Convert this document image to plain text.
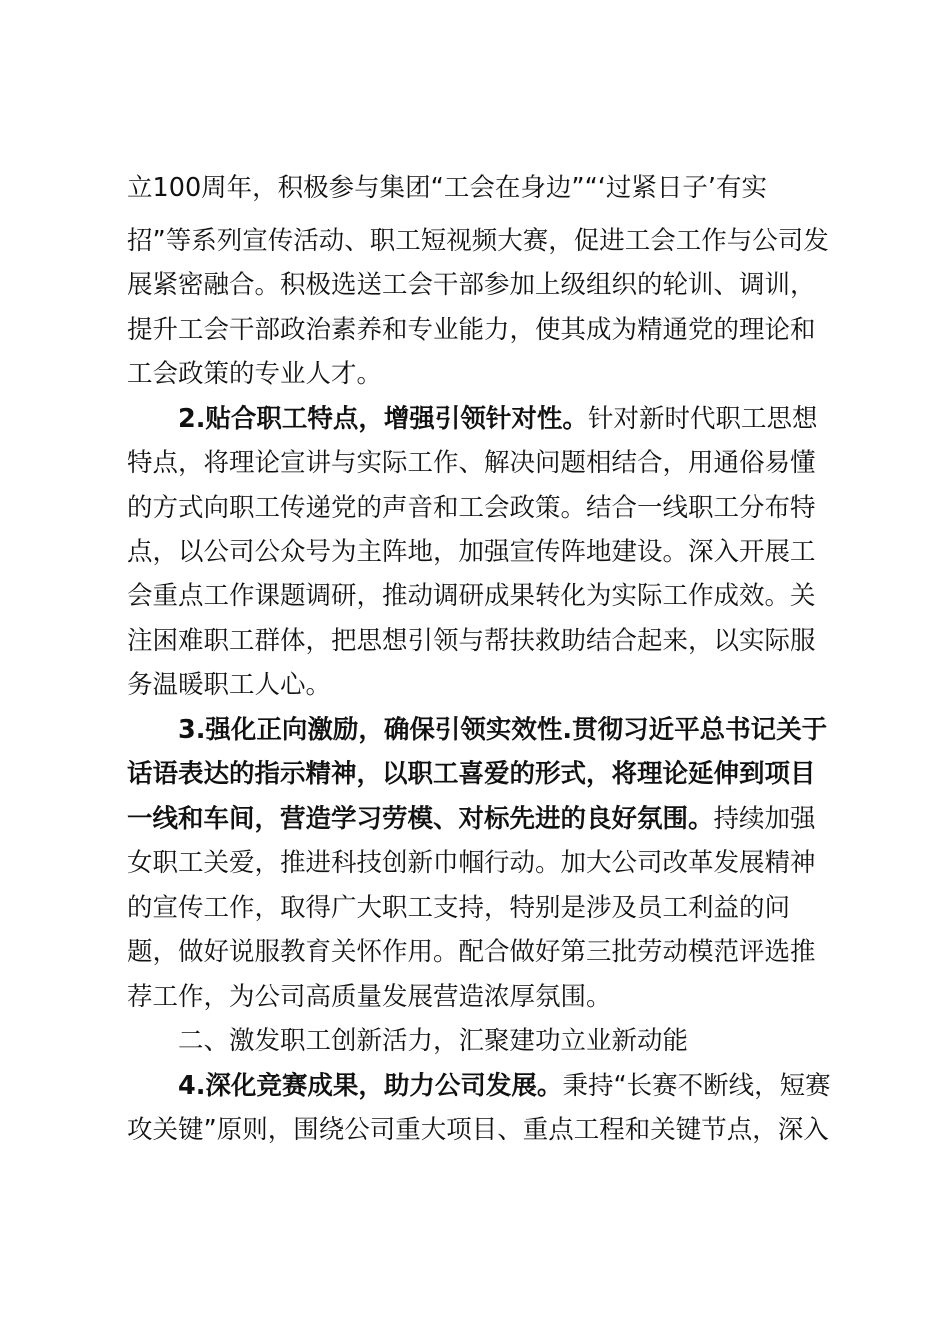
立100周年，积极参与集团“工会在身边”“‘过紧日子’有实
招”等系列宣传活动、职工短视频大赛，促进工会工作与公司发
展紧密融合。积极选送工会干部参加上级组织的轮训、调训，
提升工会干部政治素养和专业能力，使其成为精通党的理论和
工会政策的专业人才。
2.贴合职工特点，增强引领针对性。针对新时代职工思想
特点，将理论宣讲与实际工作、解决问题相结合，用通俗易懂
的方式向职工传递党的声音和工会政策。结合一线职工分布特
点，以公司公众号为主阵地，加强宣传阵地建设。深入开展工
会重点工作课题调研，推动调研成果转化为实际工作成效。关
注困难职工群体，把思想引领与帮扶救助结合起来，以实际服
务温暖职工人心。
3.强化正向激励，确保引领实效性.贯彻习近平总书记关于
话语表达的指示精神，以职工喜爱的形式，将理论延伸到项目
一线和车间，营造学习劳模、对标先进的良好氛围。持续加强
女职工关爱，推进科技创新巾帼行动。加大公司改革发展精神
的宣传工作，取得广大职工支持，特别是涉及员工利益的问
题，做好说服教育关怀作用。配合做好第三批劳动模范评选推
荐工作，为公司高质量发展营造浓厚氛围。
二、激发职工创新活力，汇聚建功立业新动能
4.深化竞赛成果，助力公司发展。秉持“长赛不断线，短赛
攻关键”原则，围绕公司重大项目、重点工程和关键节点，深入
